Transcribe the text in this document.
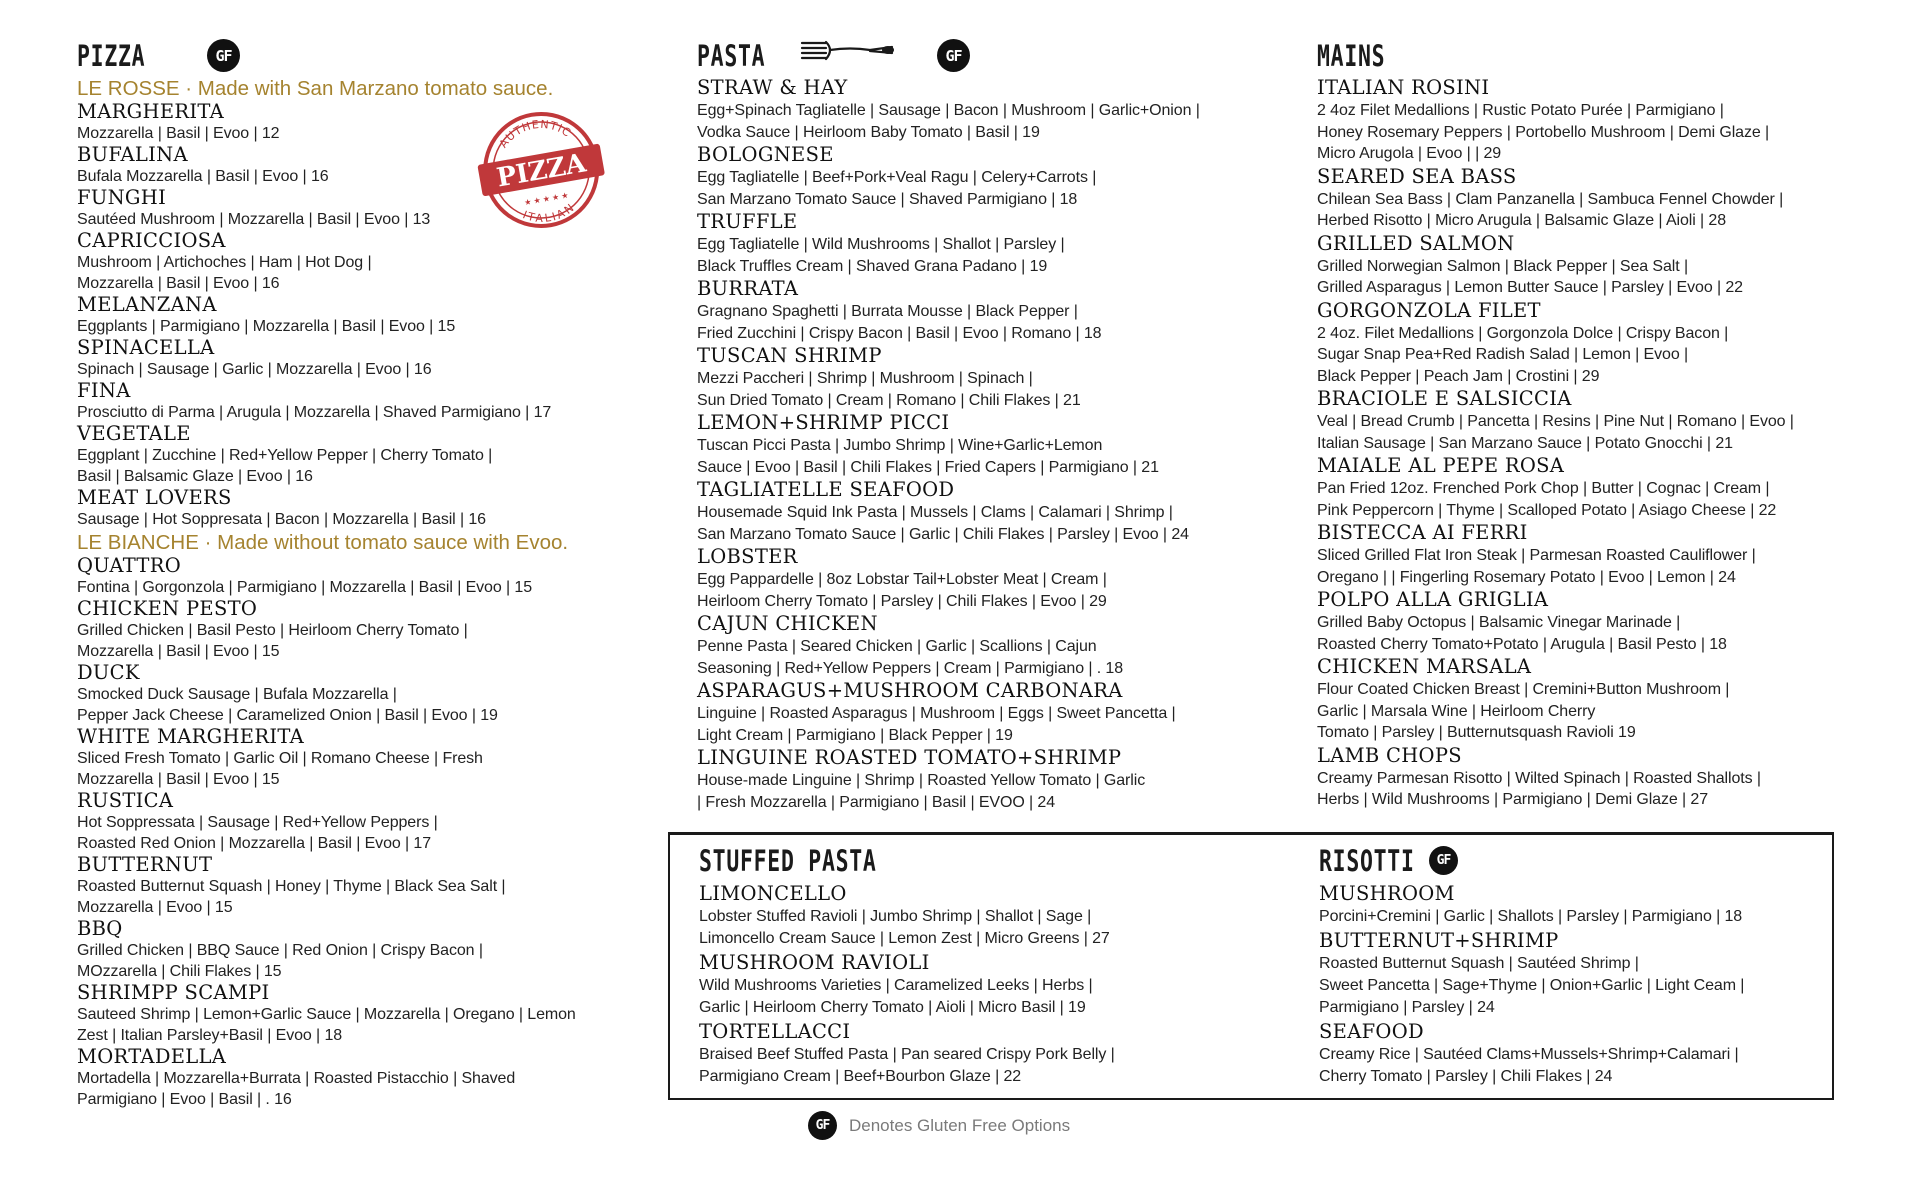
PIZZA	GF
LE ROSSE · Made with San Marzano tomato sauce.
MARGHERITA
Mozzarella | Basil | Evoo | 12
BUFALINA
Bufala Mozzarella | Basil | Evoo | 16
FUNGHI
Sautéed Mushroom | Mozzarella | Basil | Evoo | 13
CAPRICCIOSA
Mushroom | Artichoches | Ham | Hot Dog |
Mozzarella | Basil | Evoo | 16
MELANZANA
Eggplants | Parmigiano | Mozzarella | Basil | Evoo | 15
SPINACELLA
Spinach | Sausage | Garlic | Mozzarella | Evoo | 16
FINA
Prosciutto di Parma | Arugula | Mozzarella | Shaved Parmigiano | 17
VEGETALE
Eggplant | Zucchine | Red+Yellow Pepper | Cherry Tomato |
Basil | Balsamic Glaze | Evoo | 16
MEAT LOVERS
Sausage | Hot Soppresata | Bacon | Mozzarella | Basil | 16
LE BIANCHE · Made without tomato sauce with Evoo.
QUATTRO
Fontina | Gorgonzola | Parmigiano | Mozzarella | Basil | Evoo | 15
CHICKEN PESTO
Grilled Chicken | Basil Pesto | Heirloom Cherry Tomato |
Mozzarella | Basil | Evoo | 15
DUCK
Smocked Duck Sausage | Bufala Mozzarella |
Pepper Jack Cheese | Caramelized Onion | Basil | Evoo | 19
WHITE MARGHERITA
Sliced Fresh Tomato | Garlic Oil | Romano Cheese | Fresh
Mozzarella | Basil | Evoo | 15
RUSTICA
Hot Soppressata | Sausage | Red+Yellow Peppers |
Roasted Red Onion | Mozzarella | Basil | Evoo | 17
BUTTERNUT
Roasted Butternut Squash | Honey | Thyme | Black Sea Salt |
Mozzarella | Evoo | 15
BBQ
Grilled Chicken | BBQ Sauce | Red Onion | Crispy Bacon |
MOzzarella | Chili Flakes | 15
SHRIMPP SCAMPI
Sauteed Shrimp | Lemon+Garlic Sauce | Mozzarella | Oregano | Lemon
Zest | Italian Parsley+Basil | Evoo | 18
MORTADELLA
Mortadella | Mozzarella+Burrata | Roasted Pistacchio | Shaved
Parmigiano | Evoo | Basil | . 16
AUTHENTIC
ITALIAN
PIZZA
★ ★ ★ ★ ★
PASTA	GF
STRAW & HAY
Egg+Spinach Tagliatelle | Sausage | Bacon | Mushroom | Garlic+Onion |
Vodka Sauce | Heirloom Baby Tomato | Basil | 19
BOLOGNESE
Egg Tagliatelle | Beef+Pork+Veal Ragu | Celery+Carrots |
San Marzano Tomato Sauce | Shaved Parmigiano | 18
TRUFFLE
Egg Tagliatelle | Wild Mushrooms | Shallot | Parsley |
Black Truffles Cream | Shaved Grana Padano | 19
BURRATA
Gragnano Spaghetti | Burrata Mousse | Black Pepper |
Fried Zucchini | Crispy Bacon | Basil | Evoo | Romano | 18
TUSCAN SHRIMP
Mezzi Paccheri | Shrimp | Mushroom | Spinach |
Sun Dried Tomato | Cream | Romano | Chili Flakes | 21
LEMON+SHRIMP PICCI
Tuscan Picci Pasta | Jumbo Shrimp | Wine+Garlic+Lemon
Sauce | Evoo | Basil | Chili Flakes | Fried Capers | Parmigiano | 21
TAGLIATELLE SEAFOOD
Housemade Squid Ink Pasta | Mussels | Clams | Calamari | Shrimp |
San Marzano Tomato Sauce | Garlic | Chili Flakes | Parsley | Evoo | 24
LOBSTER
Egg Pappardelle | 8oz Lobstar Tail+Lobster Meat | Cream |
Heirloom Cherry Tomato | Parsley | Chili Flakes | Evoo | 29
CAJUN CHICKEN
Penne Pasta | Seared Chicken | Garlic | Scallions | Cajun
Seasoning | Red+Yellow Peppers | Cream | Parmigiano | . 18
ASPARAGUS+MUSHROOM CARBONARA
Linguine | Roasted Asparagus | Mushroom | Eggs | Sweet Pancetta |
Light Cream | Parmigiano | Black Pepper | 19
LINGUINE ROASTED TOMATO+SHRIMP
House-made Linguine | Shrimp | Roasted Yellow Tomato | Garlic
| Fresh Mozzarella | Parmigiano | Basil | EVOO | 24
MAINS
ITALIAN ROSINI
2 4oz Filet Medallions | Rustic Potato Purée | Parmigiano |
Honey Rosemary Peppers | Portobello Mushroom | Demi Glaze |
Micro Arugola | Evoo | | 29
SEARED SEA BASS
Chilean Sea Bass | Clam Panzanella | Sambuca Fennel Chowder |
Herbed Risotto | Micro Arugula | Balsamic Glaze | Aioli | 28
GRILLED SALMON
Grilled Norwegian Salmon | Black Pepper | Sea Salt |
Grilled Asparagus | Lemon Butter Sauce | Parsley | Evoo | 22
GORGONZOLA FILET
2 4oz. Filet Medallions | Gorgonzola Dolce | Crispy Bacon |
Sugar Snap Pea+Red Radish Salad | Lemon | Evoo |
Black Pepper | Peach Jam | Crostini | 29
BRACIOLE E SALSICCIA
Veal | Bread Crumb | Pancetta | Resins | Pine Nut | Romano | Evoo |
Italian Sausage | San Marzano Sauce | Potato Gnocchi | 21
MAIALE AL PEPE ROSA
Pan Fried 12oz. Frenched Pork Chop | Butter | Cognac | Cream |
Pink Peppercorn | Thyme | Scalloped Potato | Asiago Cheese | 22
BISTECCA AI FERRI
Sliced Grilled Flat Iron Steak | Parmesan Roasted Cauliflower |
Oregano | | Fingerling Rosemary Potato | Evoo | Lemon | 24
POLPO ALLA GRIGLIA
Grilled Baby Octopus | Balsamic Vinegar Marinade |
Roasted Cherry Tomato+Potato | Arugula | Basil Pesto | 18
CHICKEN MARSALA
Flour Coated Chicken Breast | Cremini+Button Mushroom |
Garlic | Marsala Wine | Heirloom Cherry
Tomato | Parsley | Butternutsquash Ravioli 19
LAMB CHOPS
Creamy Parmesan Risotto | Wilted Spinach | Roasted Shallots |
Herbs | Wild Mushrooms | Parmigiano | Demi Glaze | 27
STUFFED PASTA
LIMONCELLO
Lobster Stuffed Ravioli | Jumbo Shrimp | Shallot | Sage |
Limoncello Cream Sauce | Lemon Zest | Micro Greens | 27
MUSHROOM RAVIOLI
Wild Mushrooms Varieties | Caramelized Leeks | Herbs |
Garlic | Heirloom Cherry Tomato | Aioli | Micro Basil | 19
TORTELLACCI
Braised Beef Stuffed Pasta | Pan seared Crispy Pork Belly |
Parmigiano Cream | Beef+Bourbon Glaze | 22
RISOTTI	GF
MUSHROOM
Porcini+Cremini | Garlic | Shallots | Parsley | Parmigiano | 18
BUTTERNUT+SHRIMP
Roasted Butternut Squash | Sautéed Shrimp |
Sweet Pancetta | Sage+Thyme | Onion+Garlic | Light Ceam |
Parmigiano | Parsley | 24
SEAFOOD
Creamy Rice | Sautéed Clams+Mussels+Shrimp+Calamari |
Cherry Tomato | Parsley | Chili Flakes | 24
GF	Denotes Gluten Free Options
